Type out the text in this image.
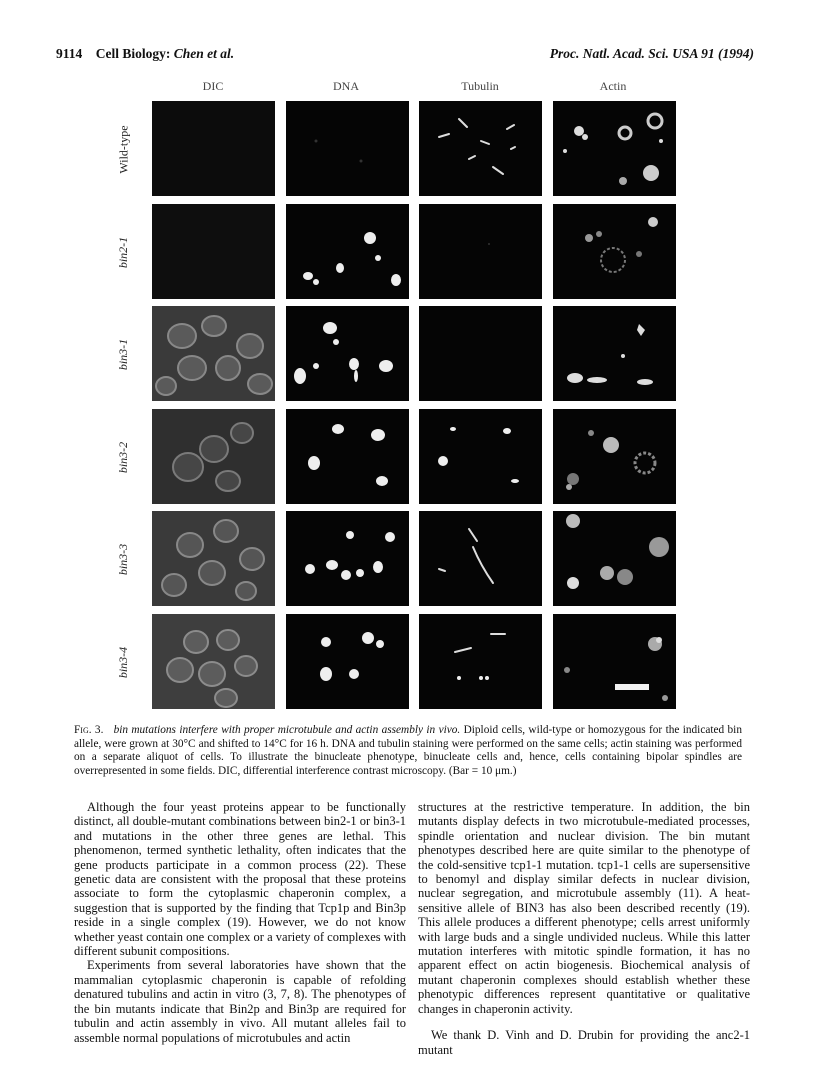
9114 Cell Biology: Chen et al.	Proc. Natl. Acad. Sci. USA 91 (1994)
DIC	DNA	Tubulin	Actin
Wild-type
bin2-1
bin3-1
bin3-2
bin3-3
bin3-4
Fig. 3. bin mutations interfere with proper microtubule and actin assembly in vivo. Diploid cells, wild-type or homozygous for the indicated bin allele, were grown at 30°C and shifted to 14°C for 16 h. DNA and tubulin staining were performed on the same cells; actin staining was performed on a separate aliquot of cells. To illustrate the binucleate phenotype, binucleate cells and, hence, cells containing bipolar spindles are overrepresented in some fields. DIC, differential interference contrast microscopy. (Bar = 10 μm.)

Although the four yeast proteins appear to be functionally distinct, all double-mutant combinations between bin2-1 or bin3-1 and mutations in the other three genes are lethal. This phenomenon, termed synthetic lethality, often indicates that the gene products participate in a common process (22). These genetic data are consistent with the proposal that these proteins associate to form the cytoplasmic chaperonin complex, a suggestion that is supported by the finding that Tcp1p and Bin3p reside in a single complex (19). However, we do not know whether yeast contain one complex or a variety of complexes with different subunit compositions.

Experiments from several laboratories have shown that the mammalian cytoplasmic chaperonin is capable of refolding denatured tubulins and actin in vitro (3, 7, 8). The phenotypes of the bin mutants indicate that Bin2p and Bin3p are required for tubulin and actin assembly in vivo. All mutant alleles fail to assemble normal populations of microtubules and actin

structures at the restrictive temperature. In addition, the bin mutants display defects in two microtubule-mediated processes, spindle orientation and nuclear division. The bin mutant phenotypes described here are quite similar to the phenotype of the cold-sensitive tcp1-1 mutation. tcp1-1 cells are supersensitive to benomyl and display similar defects in nuclear division, nuclear segregation, and microtubule assembly (11). A heat-sensitive allele of BIN3 has also been described recently (19). This allele produces a different phenotype; cells arrest uniformly with large buds and a single undivided nucleus. While this latter mutation interferes with mitotic spindle formation, it has no apparent effect on actin biogenesis. Biochemical analysis of mutant chaperonin complexes should establish whether these phenotypic differences represent quantitative or qualitative changes in chaperonin activity.

We thank D. Vinh and D. Drubin for providing the anc2-1 mutant
